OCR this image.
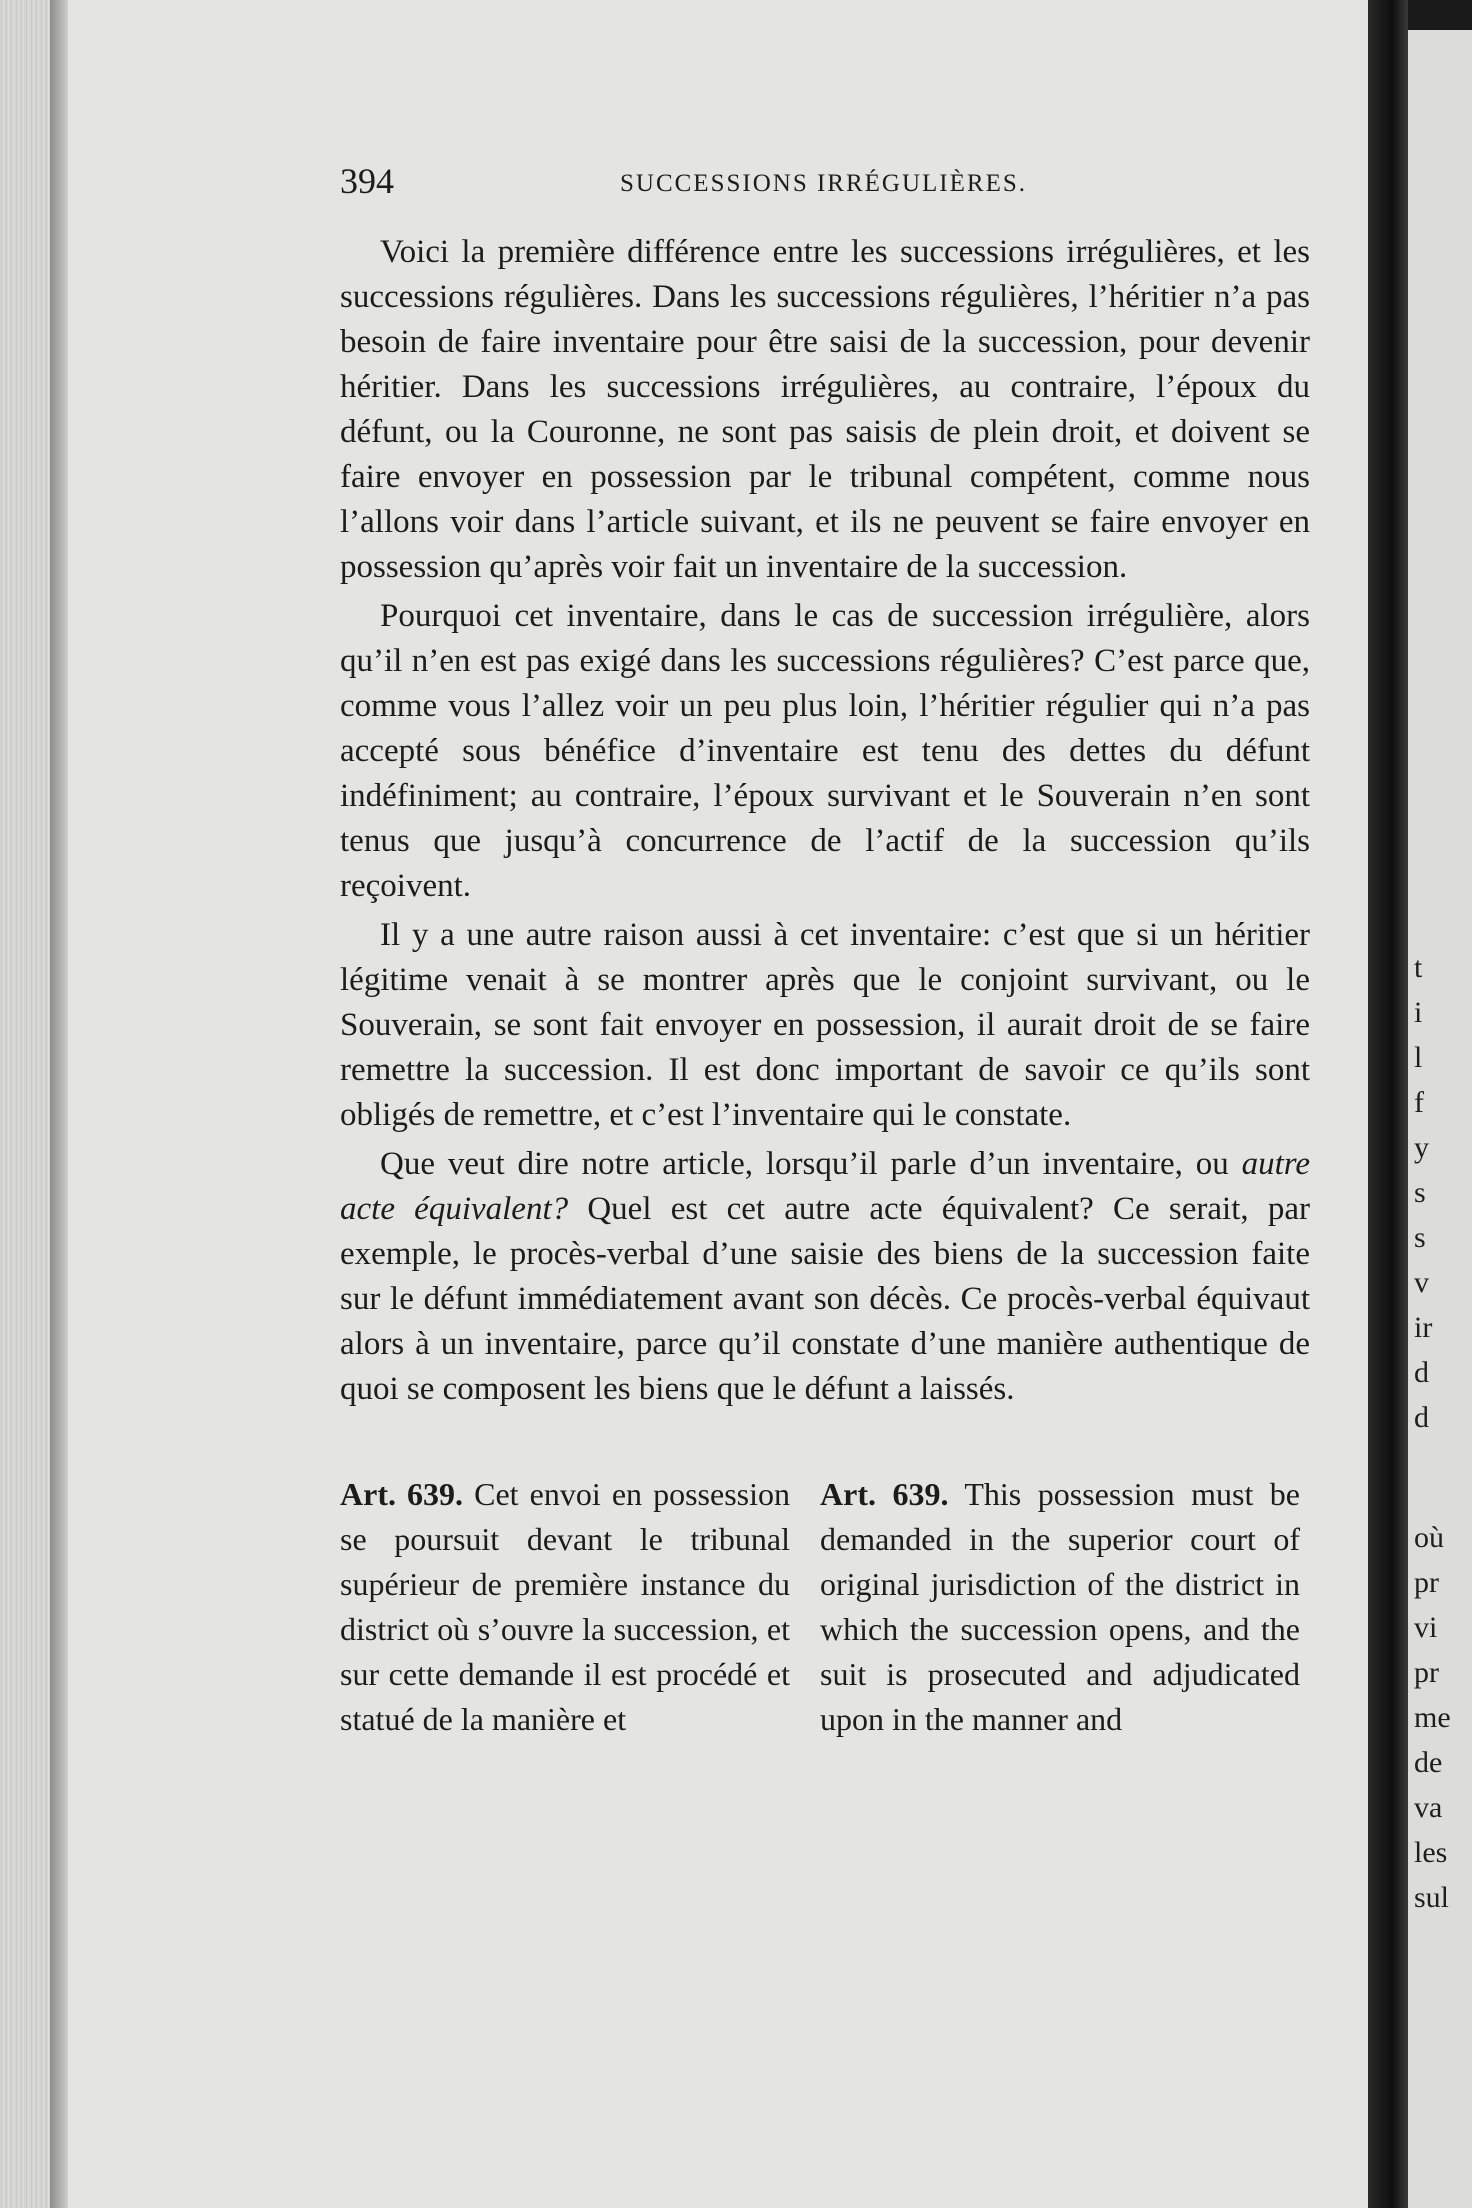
t
i
l
f
y
s
s
v
ir
d
d
où
pr
vi
pr
me
de
va
les
sul
394	SUCCESSIONS IRRÉGULIÈRES.

Voici la première différence entre les successions irrégulières, et les successions régulières. Dans les successions régulières, l’héritier n’a pas besoin de faire inventaire pour être saisi de la succession, pour devenir héritier. Dans les successions irrégulières, au contraire, l’époux du défunt, ou la Couronne, ne sont pas saisis de plein droit, et doivent se faire envoyer en possession par le tribunal compétent, comme nous l’allons voir dans l’article suivant, et ils ne peuvent se faire envoyer en possession qu’après voir fait un inventaire de la succession.

Pourquoi cet inventaire, dans le cas de succession irrégulière, alors qu’il n’en est pas exigé dans les successions régulières? C’est parce que, comme vous l’allez voir un peu plus loin, l’héritier régulier qui n’a pas accepté sous bénéfice d’inventaire est tenu des dettes du défunt indéfiniment; au contraire, l’époux survivant et le Souverain n’en sont tenus que jusqu’à concurrence de l’actif de la succession qu’ils reçoivent.

Il y a une autre raison aussi à cet inventaire: c’est que si un héritier légitime venait à se montrer après que le conjoint survivant, ou le Souverain, se sont fait envoyer en possession, il aurait droit de se faire remettre la succession. Il est donc important de savoir ce qu’ils sont obligés de remettre, et c’est l’inventaire qui le constate.

Que veut dire notre article, lorsqu’il parle d’un inventaire, ou autre acte équivalent? Quel est cet autre acte équivalent? Ce serait, par exemple, le procès-verbal d’une saisie des biens de la succession faite sur le défunt immédiatement avant son décès. Ce procès-verbal équivaut alors à un inventaire, parce qu’il constate d’une manière authentique de quoi se composent les biens que le défunt a laissés.

Art. 639. Cet envoi en possession se poursuit devant le tribunal supérieur de première instance du district où s’ouvre la succession, et sur cette demande il est procédé et statué de la manière et
Art. 639. This possession must be demanded in the superior court of original jurisdiction of the district in which the succession opens, and the suit is prosecuted and adjudicated upon in the manner and
